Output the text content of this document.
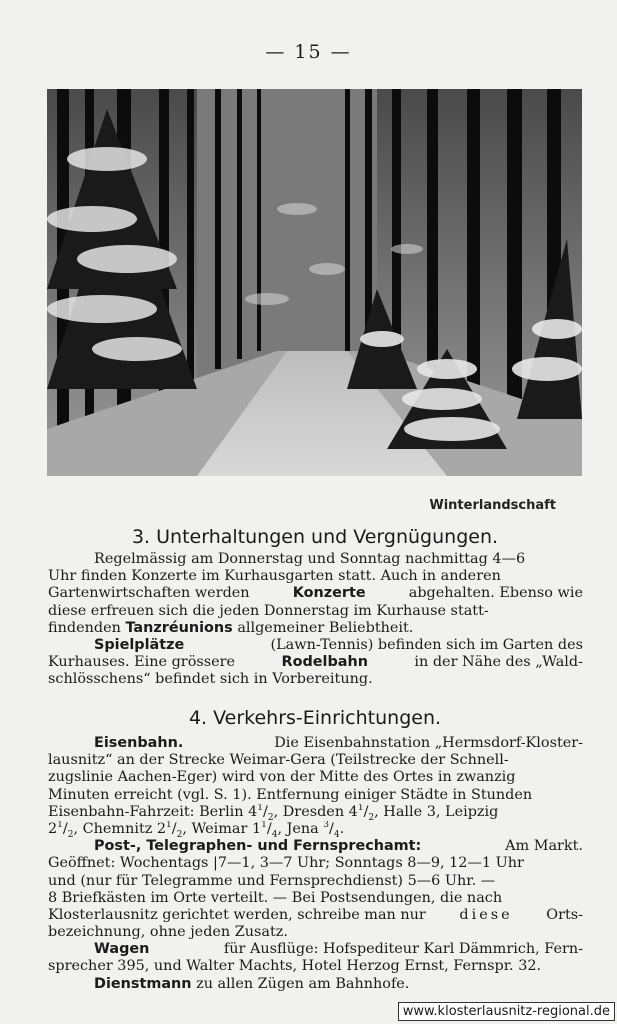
— 15 —
Winterlandschaft
3. Unterhaltungen und Vergnügungen.
Regelmässig am Donnerstag und Sonntag nachmittag 4—6
Uhr finden Konzerte im Kurhausgarten statt. Auch in anderen
Gartenwirtschaften werden	Konzerte	abgehalten. Ebenso wie
diese erfreuen sich die jeden Donnerstag im Kurhause statt-
findenden
Tanzréunions
allgemeiner Beliebtheit.
Spielplätze	(Lawn-Tennis) befinden sich im Garten des
Kurhauses. Eine grössere	Rodelbahn	in der Nähe des „Wald-
schlösschens“ befindet sich in Vorbereitung.
4. Verkehrs-Einrichtungen.
Eisenbahn.	Die Eisenbahnstation „Hermsdorf-Kloster-
lausnitz“ an der Strecke Weimar-Gera (Teilstrecke der Schnell-
zugslinie Aachen-Eger) wird von der Mitte des Ortes in zwanzig
Minuten erreicht (vgl. S. 1). Entfernung einiger Städte in Stunden
Eisenbahn-Fahrzeit: Berlin $4^1/_2$, Dresden $4^1/_2$, Halle 3, Leipzig
$2^1/_2$, Chemnitz $2^1/_2$, Weimar $1^1/_4$, Jena $^3/_4$.
Post-, Telegraphen- und Fernsprechamt:	Am Markt.
Geöffnet: Wochentags |7—1, 3—7 Uhr; Sonntags 8—9, 12—1 Uhr
und (nur für Telegramme und Fernsprechdienst) 5—6 Uhr. —
8 Briefkästen im Orte verteilt. — Bei Postsendungen, die nach
Klosterlausnitz gerichtet werden, schreibe man nur diese Orts-
bezeichnung, ohne jeden Zusatz.
Wagen	für Ausflüge: Hofspediteur Karl Dämmrich, Fern-
sprecher 395, und Walter Machts, Hotel Herzog Ernst, Fernspr. 32.
Dienstmann
zu allen Zügen am Bahnhofe.
www.klosterlausnitz-regional.de
